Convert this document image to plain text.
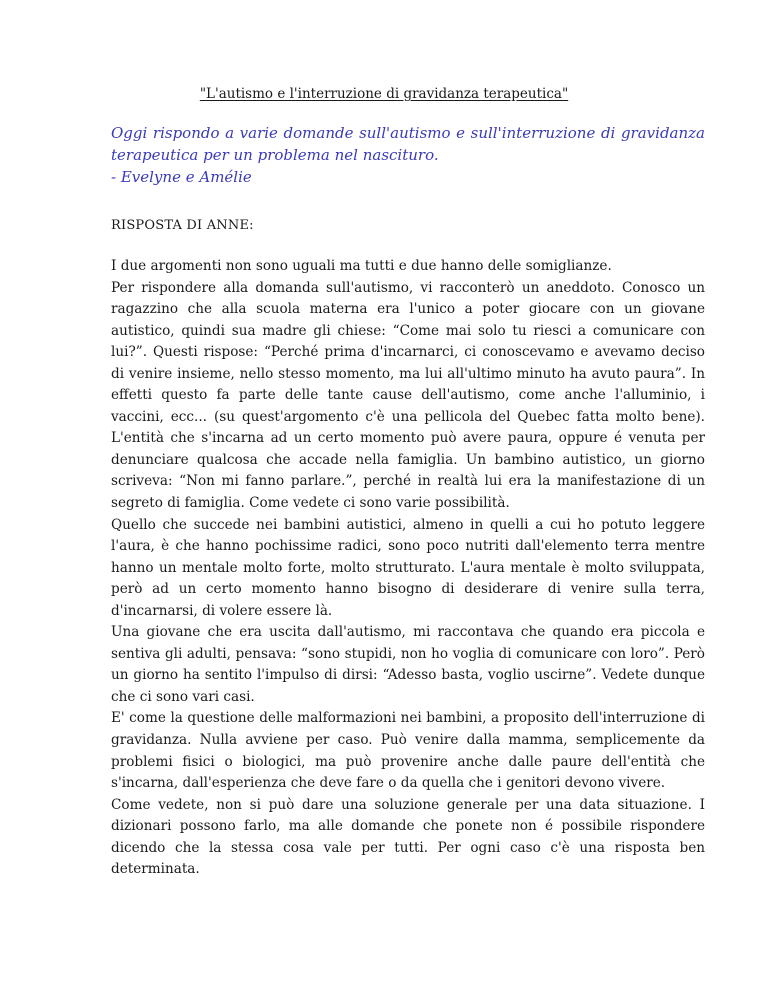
"L'autismo e l'interruzione di gravidanza terapeutica"

Oggi rispondo a varie domande sull'autismo e sull'interruzione di gravidanza terapeutica per un problema nel nascituro.

- Evelyne e Amélie

RISPOSTA DI ANNE:

I due argomenti non sono uguali ma tutti e due hanno delle somiglianze.

Per rispondere alla domanda sull'autismo, vi racconterò un aneddoto. Conosco un ragazzino che alla scuola materna era l'unico a poter giocare con un giovane autistico, quindi sua madre gli chiese: “Come mai solo tu riesci a comunicare con lui?”. Questi rispose: “Perché prima d'incarnarci, ci conoscevamo e avevamo deciso di venire insieme, nello stesso momento, ma lui all'ultimo minuto ha avuto paura”. In effetti questo fa parte delle tante cause dell'autismo, come anche l'alluminio, i vaccini, ecc... (su quest'argomento c'è una pellicola del Quebec fatta molto bene). L'entità che s'incarna ad un certo momento può avere paura, oppure é venuta per denunciare qualcosa che accade nella famiglia. Un bambino autistico, un giorno scriveva: “Non mi fanno parlare.”, perché in realtà lui era la manifestazione di un segreto di famiglia. Come vedete ci sono varie possibilità.

Quello che succede nei bambini autistici, almeno in quelli a cui ho potuto leggere l'aura, è che hanno pochissime radici, sono poco nutriti dall'elemento terra mentre hanno un mentale molto forte, molto strutturato. L'aura mentale è molto sviluppata, però ad un certo momento hanno bisogno di desiderare di venire sulla terra, d'incarnarsi, di volere essere là.

Una giovane che era uscita dall'autismo, mi raccontava che quando era piccola e sentiva gli adulti, pensava: “sono stupidi, non ho voglia di comunicare con loro”. Però un giorno ha sentito l'impulso di dirsi: “Adesso basta, voglio uscirne”. Vedete dunque che ci sono vari casi.

E' come la questione delle malformazioni nei bambini, a proposito dell'interruzione di gravidanza. Nulla avviene per caso. Può venire dalla mamma, semplicemente da problemi fisici o biologici, ma può provenire anche dalle paure dell'entità che s'incarna, dall'esperienza che deve fare o da quella che i genitori devono vivere.

Come vedete, non si può dare una soluzione generale per una data situazione. I dizionari possono farlo, ma alle domande che ponete non é possibile rispondere dicendo che la stessa cosa vale per tutti. Per ogni caso c'è una risposta ben determinata.
